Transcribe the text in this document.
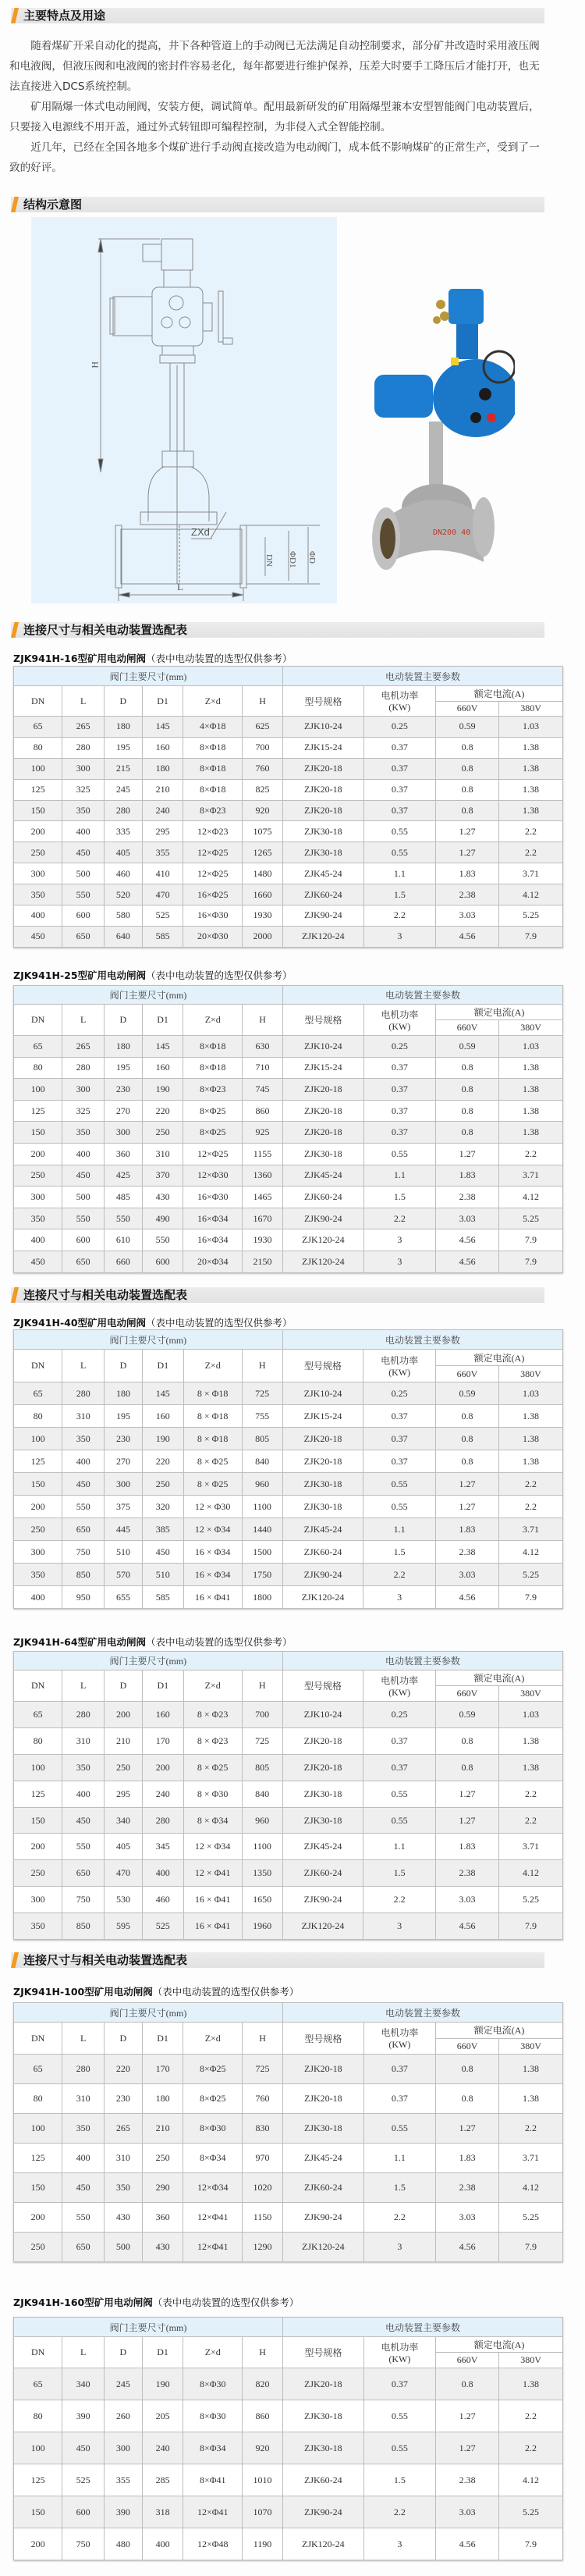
主要特点及用途

随着煤矿开采自动化的提高，井下各种管道上的手动阀已无法满足自动控制要求，部分矿井改造时采用液压阀和电液阀，但液压阀和电液阀的密封件容易老化，每年都要进行维护保养，压差大时要手工降压后才能打开，也无法直接进入DCS系统控制。

矿用隔爆一体式电动闸阀，安装方便，调试简单。配用最新研发的矿用隔爆型兼本安型智能阀门电动装置后，只要接入电源线不用开盖，通过外式转钮即可编程控制，为非侵入式全智能控制。

近几年，已经在全国各地多个煤矿进行手动阀直接改造为电动阀门，成本低不影响煤矿的正常生产，受到了一致的好评。

结构示意图
H
DN ΦD1 ΦD
ZXd
L
DN200 40
连接尺寸与相关电动装置选配表
连接尺寸与相关电动装置选配表
连接尺寸与相关电动装置选配表
ZJK941H-16型矿用电动闸阀（表中电动装置的选型仅供参考）
阀门主要尺寸(mm)						电动装置主要参数			
DN	L	D	D1	Z×d	H	型号规格	电机功率
(KW)	额定电流(A)	
								660V	380V
65	265	180	145	4×Φ18	625	ZJK10-24	0.25	0.59	1.03
80	280	195	160	8×Φ18	700	ZJK15-24	0.37	0.8	1.38
100	300	215	180	8×Φ18	760	ZJK20-18	0.37	0.8	1.38
125	325	245	210	8×Φ18	825	ZJK20-18	0.37	0.8	1.38
150	350	280	240	8×Φ23	920	ZJK20-18	0.37	0.8	1.38
200	400	335	295	12×Φ23	1075	ZJK30-18	0.55	1.27	2.2
250	450	405	355	12×Φ25	1265	ZJK30-18	0.55	1.27	2.2
300	500	460	410	12×Φ25	1480	ZJK45-24	1.1	1.83	3.71
350	550	520	470	16×Φ25	1660	ZJK60-24	1.5	2.38	4.12
400	600	580	525	16×Φ30	1930	ZJK90-24	2.2	3.03	5.25
450	650	640	585	20×Φ30	2000	ZJK120-24	3	4.56	7.9
ZJK941H-25型矿用电动闸阀（表中电动装置的选型仅供参考）
阀门主要尺寸(mm)						电动装置主要参数			
DN	L	D	D1	Z×d	H	型号规格	电机功率
(KW)	额定电流(A)	
								660V	380V
65	265	180	145	8×Φ18	630	ZJK10-24	0.25	0.59	1.03
80	280	195	160	8×Φ18	710	ZJK15-24	0.37	0.8	1.38
100	300	230	190	8×Φ23	745	ZJK20-18	0.37	0.8	1.38
125	325	270	220	8×Φ25	860	ZJK20-18	0.37	0.8	1.38
150	350	300	250	8×Φ25	925	ZJK20-18	0.37	0.8	1.38
200	400	360	310	12×Φ25	1155	ZJK30-18	0.55	1.27	2.2
250	450	425	370	12×Φ30	1360	ZJK45-24	1.1	1.83	3.71
300	500	485	430	16×Φ30	1465	ZJK60-24	1.5	2.38	4.12
350	550	550	490	16×Φ34	1670	ZJK90-24	2.2	3.03	5.25
400	600	610	550	16×Φ34	1930	ZJK120-24	3	4.56	7.9
450	650	660	600	20×Φ34	2150	ZJK120-24	3	4.56	7.9
ZJK941H-40型矿用电动闸阀（表中电动装置的选型仅供参考）
阀门主要尺寸(mm)						电动装置主要参数			
DN	L	D	D1	Z×d	H	型号规格	电机功率
(KW)	额定电流(A)	
								660V	380V
65	280	180	145	8 × Φ18	725	ZJK10-24	0.25	0.59	1.03
80	310	195	160	8 × Φ18	755	ZJK15-24	0.37	0.8	1.38
100	350	230	190	8 × Φ18	805	ZJK20-18	0.37	0.8	1.38
125	400	270	220	8 × Φ25	840	ZJK20-18	0.37	0.8	1.38
150	450	300	250	8 × Φ25	960	ZJK30-18	0.55	1.27	2.2
200	550	375	320	12 × Φ30	1100	ZJK30-18	0.55	1.27	2.2
250	650	445	385	12 × Φ34	1440	ZJK45-24	1.1	1.83	3.71
300	750	510	450	16 × Φ34	1500	ZJK60-24	1.5	2.38	4.12
350	850	570	510	16 × Φ34	1750	ZJK90-24	2.2	3.03	5.25
400	950	655	585	16 × Φ41	1800	ZJK120-24	3	4.56	7.9
ZJK941H-64型矿用电动闸阀（表中电动装置的选型仅供参考）
阀门主要尺寸(mm)						电动装置主要参数			
DN	L	D	D1	Z×d	H	型号规格	电机功率
(KW)	额定电流(A)	
								660V	380V
65	280	200	160	8 × Φ23	700	ZJK10-24	0.25	0.59	1.03
80	310	210	170	8 × Φ23	725	ZJK20-18	0.37	0.8	1.38
100	350	250	200	8 × Φ25	805	ZJK20-18	0.37	0.8	1.38
125	400	295	240	8 × Φ30	840	ZJK30-18	0.55	1.27	2.2
150	450	340	280	8 × Φ34	960	ZJK30-18	0.55	1.27	2.2
200	550	405	345	12 × Φ34	1100	ZJK45-24	1.1	1.83	3.71
250	650	470	400	12 × Φ41	1350	ZJK60-24	1.5	2.38	4.12
300	750	530	460	16 × Φ41	1650	ZJK90-24	2.2	3.03	5.25
350	850	595	525	16 × Φ41	1960	ZJK120-24	3	4.56	7.9
ZJK941H-100型矿用电动闸阀（表中电动装置的选型仅供参考）
阀门主要尺寸(mm)						电动装置主要参数			
DN	L	D	D1	Z×d	H	型号规格	电机功率
(KW)	额定电流(A)	
								660V	380V
65	280	220	170	8×Φ25	725	ZJK20-18	0.37	0.8	1.38
80	310	230	180	8×Φ25	760	ZJK20-18	0.37	0.8	1.38
100	350	265	210	8×Φ30	830	ZJK30-18	0.55	1.27	2.2
125	400	310	250	8×Φ34	970	ZJK45-24	1.1	1.83	3.71
150	450	350	290	12×Φ34	1020	ZJK60-24	1.5	2.38	4.12
200	550	430	360	12×Φ41	1150	ZJK90-24	2.2	3.03	5.25
250	650	500	430	12×Φ41	1290	ZJK120-24	3	4.56	7.9
ZJK941H-160型矿用电动闸阀（表中电动装置的选型仅供参考）
阀门主要尺寸(mm)						电动装置主要参数			
DN	L	D	D1	Z×d	H	型号规格	电机功率
(KW)	额定电流(A)	
								660V	380V
65	340	245	190	8×Φ30	820	ZJK20-18	0.37	0.8	1.38
80	390	260	205	8×Φ30	860	ZJK30-18	0.55	1.27	2.2
100	450	300	240	8×Φ34	920	ZJK30-18	0.55	1.27	2.2
125	525	355	285	8×Φ41	1010	ZJK60-24	1.5	2.38	4.12
150	600	390	318	12×Φ41	1070	ZJK90-24	2.2	3.03	5.25
200	750	480	400	12×Φ48	1190	ZJK120-24	3	4.56	7.9
